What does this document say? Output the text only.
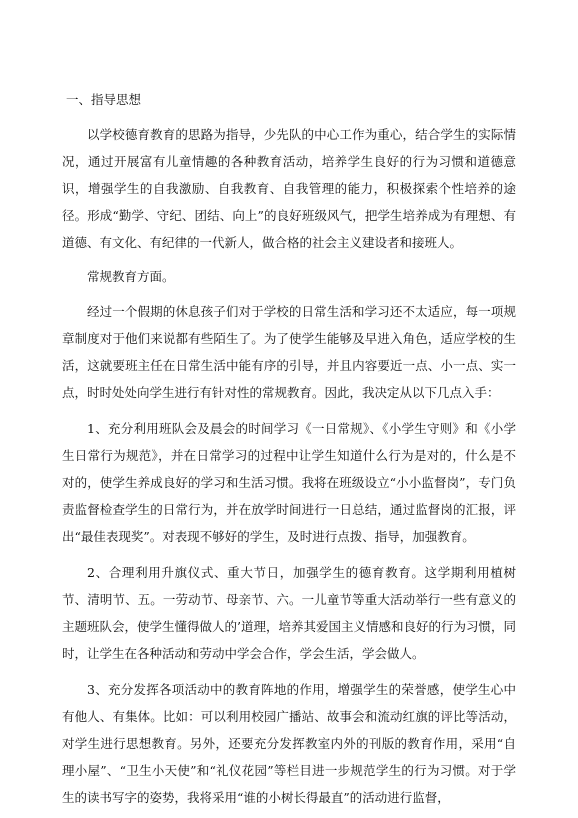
一、指导思想

以学校德育教育的思路为指导，少先队的中心工作为重心，结合学生的实际情况，通过开展富有儿童情趣的各种教育活动，培养学生良好的行为习惯和道德意识，增强学生的自我激励、自我教育、自我管理的能力，积极探索个性培养的途径。形成“勤学、守纪、团结、向上”的良好班级风气，把学生培养成为有理想、有道德、有文化、有纪律的一代新人，做合格的社会主义建设者和接班人。

常规教育方面。

经过一个假期的休息孩子们对于学校的日常生活和学习还不太适应，每一项规章制度对于他们来说都有些陌生了。为了使学生能够及早进入角色，适应学校的生活，这就要班主任在日常生活中能有序的引导，并且内容要近一点、小一点、实一点，时时处处向学生进行有针对性的常规教育。因此，我决定从以下几点入手：

1、充分利用班队会及晨会的时间学习《一日常规》、《小学生守则》和《小学生日常行为规范》，并在日常学习的过程中让学生知道什么行为是对的，什么是不对的，使学生养成良好的学习和生活习惯。我将在班级设立“小小监督岗”，专门负责监督检查学生的日常行为，并在放学时间进行一日总结，通过监督岗的汇报，评出“最佳表现奖”。对表现不够好的学生，及时进行点拨、指导，加强教育。

2、合理利用升旗仪式、重大节日，加强学生的德育教育。这学期利用植树节、清明节、五。一劳动节、母亲节、六。一儿童节等重大活动举行一些有意义的主题班队会，使学生懂得做人的’道理，培养其爱国主义情感和良好的行为习惯，同时，让学生在各种活动和劳动中学会合作，学会生活，学会做人。

3、充分发挥各项活动中的教育阵地的作用，增强学生的荣誉感，使学生心中有他人、有集体。比如：可以利用校园广播站、故事会和流动红旗的评比等活动，对学生进行思想教育。另外，还要充分发挥教室内外的刊版的教育作用，采用“自理小屋”、“卫生小天使”和“礼仪花园”等栏目进一步规范学生的行为习惯。对于学生的读书写字的姿势，我将采用“谁的小树长得最直”的活动进行监督，
